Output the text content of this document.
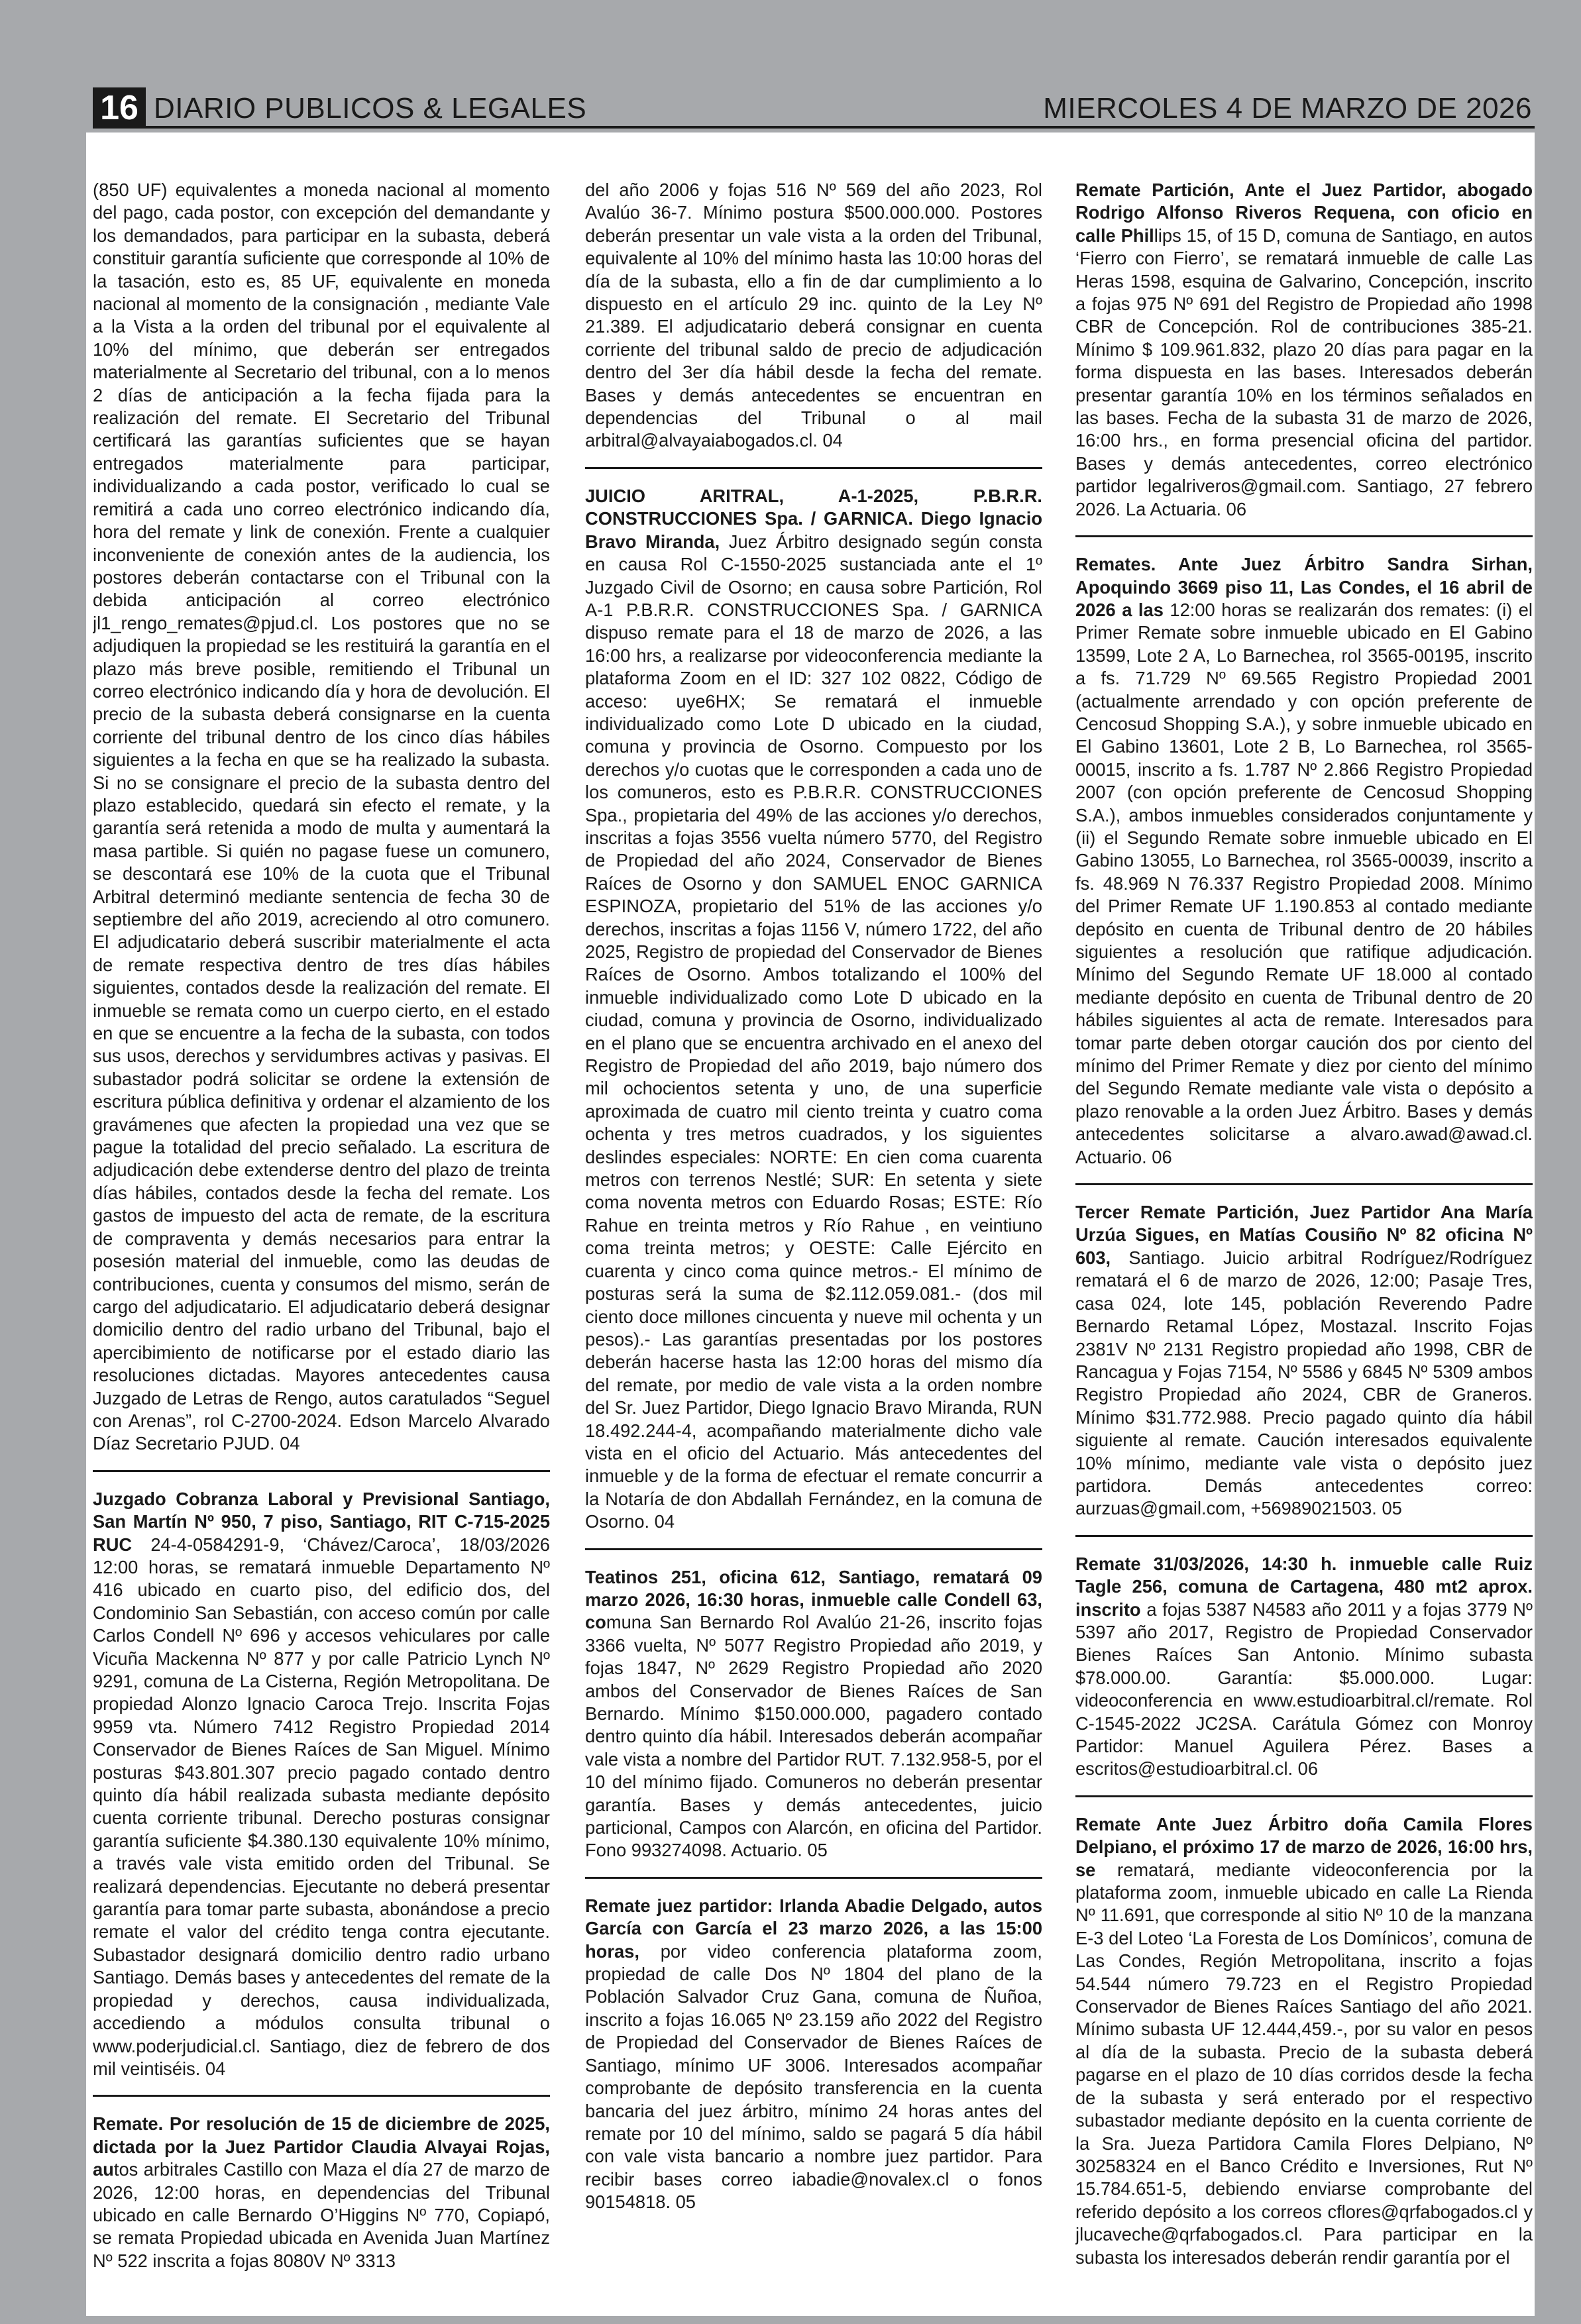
16 DIARIO PUBLICOS & LEGALES	MIERCOLES 4 DE MARZO DE 2026

(850 UF) equivalentes a moneda nacional al momento del pago, cada postor, con excepción del demandante y los demandados, para participar en la subasta, deberá constituir garantía suficiente que corresponde al 10% de la tasación, esto es, 85 UF, equivalente en moneda nacional al momento de la consignación , mediante Vale a la Vista a la orden del tribunal por el equivalente al 10% del mínimo, que deberán ser entregados materialmente al Secretario del tribunal, con a lo menos 2 días de anticipación a la fecha fijada para la realización del remate. El Secretario del Tribunal certificará las garantías suficientes que se hayan entregados materialmente para participar, individualizando a cada postor, verificado lo cual se remitirá a cada uno correo electrónico indicando día, hora del remate y link de conexión. Frente a cualquier inconveniente de conexión antes de la audiencia, los postores deberán contactarse con el Tribunal con la debida anticipación al correo electrónico jl1_rengo_remates@pjud.cl. Los postores que no se adjudiquen la propiedad se les restituirá la garantía en el plazo más breve posible, remitiendo el Tribunal un correo electrónico indicando día y hora de devolución. El precio de la subasta deberá consignarse en la cuenta corriente del tribunal dentro de los cinco días hábiles siguientes a la fecha en que se ha realizado la subasta. Si no se consignare el precio de la subasta dentro del plazo establecido, quedará sin efecto el remate, y la garantía será retenida a modo de multa y aumentará la masa partible. Si quién no pagase fuese un comunero, se descontará ese 10% de la cuota que el Tribunal Arbitral determinó mediante sentencia de fecha 30 de septiembre del año 2019, acreciendo al otro comunero. El adjudicatario deberá suscribir materialmente el acta de remate respectiva dentro de tres días hábiles siguientes, contados desde la realización del remate. El inmueble se remata como un cuerpo cierto, en el estado en que se encuentre a la fecha de la subasta, con todos sus usos, derechos y servidumbres activas y pasivas. El subastador podrá solicitar se ordene la extensión de escritura pública definitiva y ordenar el alzamiento de los gravámenes que afecten la propiedad una vez que se pague la totalidad del precio señalado. La escritura de adjudicación debe extenderse dentro del plazo de treinta días hábiles, contados desde la fecha del remate. Los gastos de impuesto del acta de remate, de la escritura de compraventa y demás necesarios para entrar la posesión material del inmueble, como las deudas de contribuciones, cuenta y consumos del mismo, serán de cargo del adjudicatario. El adjudicatario deberá designar domicilio dentro del radio urbano del Tribunal, bajo el apercibimiento de notificarse por el estado diario las resoluciones dictadas. Mayores antecedentes causa Juzgado de Letras de Rengo, autos caratulados “Seguel con Arenas”, rol C-2700-2024. Edson Marcelo Alvarado Díaz Secretario PJUD. 04

Juzgado Cobranza Laboral y Previsional Santiago, San Martín Nº 950, 7 piso, Santiago, RIT C-715-2025 RUC 24-4-0584291-9, ‘Chávez/Caroca’, 18/03/2026 12:00 horas, se rematará inmueble Departamento Nº 416 ubicado en cuarto piso, del edificio dos, del Condominio San Sebastián, con acceso común por calle Carlos Condell Nº 696 y accesos vehiculares por calle Vicuña Mackenna Nº 877 y por calle Patricio Lynch Nº 9291, comuna de La Cisterna, Región Metropolitana. De propiedad Alonzo Ignacio Caroca Trejo. Inscrita Fojas 9959 vta. Número 7412 Registro Propiedad 2014 Conservador de Bienes Raíces de San Miguel. Mínimo posturas $43.801.307 precio pagado contado dentro quinto día hábil realizada subasta mediante depósito cuenta corriente tribunal. Derecho posturas consignar garantía suficiente $4.380.130 equivalente 10% mínimo, a través vale vista emitido orden del Tribunal. Se realizará dependencias. Ejecutante no deberá presentar garantía para tomar parte subasta, abonándose a precio remate el valor del crédito tenga contra ejecutante. Subastador designará domicilio dentro radio urbano Santiago. Demás bases y antecedentes del remate de la propiedad y derechos, causa individualizada, accediendo a módulos consulta tribunal o www.poderjudicial.cl. Santiago, diez de febrero de dos mil veintiséis. 04

Remate. Por resolución de 15 de diciembre de 2025, dictada por la Juez Partidor Claudia Alvayai Rojas, autos arbitrales Castillo con Maza el día 27 de marzo de 2026, 12:00 horas, en dependencias del Tribunal ubicado en calle Bernardo O’Higgins Nº 770, Copiapó, se remata Propiedad ubicada en Avenida Juan Martínez Nº 522 inscrita a fojas 8080V Nº 3313

del año 2006 y fojas 516 Nº 569 del año 2023, Rol Avalúo 36-7. Mínimo postura $500.000.000. Postores deberán presentar un vale vista a la orden del Tribunal, equivalente al 10% del mínimo hasta las 10:00 horas del día de la subasta, ello a fin de dar cumplimiento a lo dispuesto en el artículo 29 inc. quinto de la Ley Nº 21.389. El adjudicatario deberá consignar en cuenta corriente del tribunal saldo de precio de adjudicación dentro del 3er día hábil desde la fecha del remate. Bases y demás antecedentes se encuentran en dependencias del Tribunal o al mail arbitral@alvayaiabogados.cl. 04

JUICIO ARITRAL, A-1-2025, P.B.R.R. CONSTRUCCIONES Spa. / GARNICA. Diego Ignacio Bravo Miranda, Juez Árbitro designado según consta en causa Rol C-1550-2025 sustanciada ante el 1º Juzgado Civil de Osorno; en causa sobre Partición, Rol A-1 P.B.R.R. CONSTRUCCIONES Spa. / GARNICA dispuso remate para el 18 de marzo de 2026, a las 16:00 hrs, a realizarse por videoconferencia mediante la plataforma Zoom en el ID: 327 102 0822, Código de acceso: uye6HX; Se rematará el inmueble individualizado como Lote D ubicado en la ciudad, comuna y provincia de Osorno. Compuesto por los derechos y/o cuotas que le corresponden a cada uno de los comuneros, esto es P.B.R.R. CONSTRUCCIONES Spa., propietaria del 49% de las acciones y/o derechos, inscritas a fojas 3556 vuelta número 5770, del Registro de Propiedad del año 2024, Conservador de Bienes Raíces de Osorno y don SAMUEL ENOC GARNICA ESPINOZA, propietario del 51% de las acciones y/o derechos, inscritas a fojas 1156 V, número 1722, del año 2025, Registro de propiedad del Conservador de Bienes Raíces de Osorno. Ambos totalizando el 100% del inmueble individualizado como Lote D ubicado en la ciudad, comuna y provincia de Osorno, individualizado en el plano que se encuentra archivado en el anexo del Registro de Propiedad del año 2019, bajo número dos mil ochocientos setenta y uno, de una superficie aproximada de cuatro mil ciento treinta y cuatro coma ochenta y tres metros cuadrados, y los siguientes deslindes especiales: NORTE: En cien coma cuarenta metros con terrenos Nestlé; SUR: En setenta y siete coma noventa metros con Eduardo Rosas; ESTE: Río Rahue en treinta metros y Río Rahue , en veintiuno coma treinta metros; y OESTE: Calle Ejército en cuarenta y cinco coma quince metros.- El mínimo de posturas será la suma de $2.112.059.081.- (dos mil ciento doce millones cincuenta y nueve mil ochenta y un pesos).- Las garantías presentadas por los postores deberán hacerse hasta las 12:00 horas del mismo día del remate, por medio de vale vista a la orden nombre del Sr. Juez Partidor, Diego Ignacio Bravo Miranda, RUN 18.492.244-4, acompañando materialmente dicho vale vista en el oficio del Actuario. Más antecedentes del inmueble y de la forma de efectuar el remate concurrir a la Notaría de don Abdallah Fernández, en la comuna de Osorno. 04

Teatinos 251, oficina 612, Santiago, rematará 09 marzo 2026, 16:30 horas, inmueble calle Condell 63, comuna San Bernardo Rol Avalúo 21-26, inscrito fojas 3366 vuelta, Nº 5077 Registro Propiedad año 2019, y fojas 1847, Nº 2629 Registro Propiedad año 2020 ambos del Conservador de Bienes Raíces de San Bernardo. Mínimo $150.000.000, pagadero contado dentro quinto día hábil. Interesados deberán acompañar vale vista a nombre del Partidor RUT. 7.132.958-5, por el 10 del mínimo fijado. Comuneros no deberán presentar garantía. Bases y demás antecedentes, juicio particional, Campos con Alarcón, en oficina del Partidor. Fono 993274098. Actuario. 05

Remate juez partidor: Irlanda Abadie Delgado, autos García con García el 23 marzo 2026, a las 15:00 horas, por video conferencia plataforma zoom, propiedad de calle Dos Nº 1804 del plano de la Población Salvador Cruz Gana, comuna de Ñuñoa, inscrito a fojas 16.065 Nº 23.159 año 2022 del Registro de Propiedad del Conservador de Bienes Raíces de Santiago, mínimo UF 3006. Interesados acompañar comprobante de depósito transferencia en la cuenta bancaria del juez árbitro, mínimo 24 horas antes del remate por 10 del mínimo, saldo se pagará 5 día hábil con vale vista bancario a nombre juez partidor. Para recibir bases correo iabadie@novalex.cl o fonos 90154818. 05

Remate Partición, Ante el Juez Partidor, abogado Rodrigo Alfonso Riveros Requena, con oficio en calle Phillips 15, of 15 D, comuna de Santiago, en autos ‘Fierro con Fierro’, se rematará inmueble de calle Las Heras 1598, esquina de Galvarino, Concepción, inscrito a fojas 975 Nº 691 del Registro de Propiedad año 1998 CBR de Concepción. Rol de contribuciones 385-21. Mínimo $ 109.961.832, plazo 20 días para pagar en la forma dispuesta en las bases. Interesados deberán presentar garantía 10% en los términos señalados en las bases. Fecha de la subasta 31 de marzo de 2026, 16:00 hrs., en forma presencial oficina del partidor. Bases y demás antecedentes, correo electrónico partidor legalriveros@gmail.com. Santiago, 27 febrero 2026. La Actuaria. 06

Remates. Ante Juez Árbitro Sandra Sirhan, Apoquindo 3669 piso 11, Las Condes, el 16 abril de 2026 a las 12:00 horas se realizarán dos remates: (i) el Primer Remate sobre inmueble ubicado en El Gabino 13599, Lote 2 A, Lo Barnechea, rol 3565-00195, inscrito a fs. 71.729 Nº 69.565 Registro Propiedad 2001 (actualmente arrendado y con opción preferente de Cencosud Shopping S.A.), y sobre inmueble ubicado en El Gabino 13601, Lote 2 B, Lo Barnechea, rol 3565-00015, inscrito a fs. 1.787 Nº 2.866 Registro Propiedad 2007 (con opción preferente de Cencosud Shopping S.A.), ambos inmuebles considerados conjuntamente y (ii) el Segundo Remate sobre inmueble ubicado en El Gabino 13055, Lo Barnechea, rol 3565-00039, inscrito a fs. 48.969 N 76.337 Registro Propiedad 2008. Mínimo del Primer Remate UF 1.190.853 al contado mediante depósito en cuenta de Tribunal dentro de 20 hábiles siguientes a resolución que ratifique adjudicación. Mínimo del Segundo Remate UF 18.000 al contado mediante depósito en cuenta de Tribunal dentro de 20 hábiles siguientes al acta de remate. Interesados para tomar parte deben otorgar caución dos por ciento del mínimo del Primer Remate y diez por ciento del mínimo del Segundo Remate mediante vale vista o depósito a plazo renovable a la orden Juez Árbitro. Bases y demás antecedentes solicitarse a alvaro.awad@awad.cl. Actuario. 06

Tercer Remate Partición, Juez Partidor Ana María Urzúa Sigues, en Matías Cousiño Nº 82 oficina Nº 603, Santiago. Juicio arbitral Rodríguez/Rodríguez rematará el 6 de marzo de 2026, 12:00; Pasaje Tres, casa 024, lote 145, población Reverendo Padre Bernardo Retamal López, Mostazal. Inscrito Fojas 2381V Nº 2131 Registro propiedad año 1998, CBR de Rancagua y Fojas 7154, Nº 5586 y 6845 Nº 5309 ambos Registro Propiedad año 2024, CBR de Graneros. Mínimo $31.772.988. Precio pagado quinto día hábil siguiente al remate. Caución interesados equivalente 10% mínimo, mediante vale vista o depósito juez partidora. Demás antecedentes correo: aurzuas@gmail.com, +56989021503. 05

Remate 31/03/2026, 14:30 h. inmueble calle Ruiz Tagle 256, comuna de Cartagena, 480 mt2 aprox. inscrito a fojas 5387 N4583 año 2011 y a fojas 3779 Nº 5397 año 2017, Registro de Propiedad Conservador Bienes Raíces San Antonio. Mínimo subasta $78.000.00. Garantía: $5.000.000. Lugar: videoconferencia en www.estudioarbitral.cl/remate. Rol C-1545-2022 JC2SA. Carátula Gómez con Monroy Partidor: Manuel Aguilera Pérez. Bases a escritos@estudioarbitral.cl. 06

Remate Ante Juez Árbitro doña Camila Flores Delpiano, el próximo 17 de marzo de 2026, 16:00 hrs, se rematará, mediante videoconferencia por la plataforma zoom, inmueble ubicado en calle La Rienda Nº 11.691, que corresponde al sitio Nº 10 de la manzana E-3 del Loteo ‘La Foresta de Los Domínicos’, comuna de Las Condes, Región Metropolitana, inscrito a fojas 54.544 número 79.723 en el Registro Propiedad Conservador de Bienes Raíces Santiago del año 2021. Mínimo subasta UF 12.444,459.-, por su valor en pesos al día de la subasta. Precio de la subasta deberá pagarse en el plazo de 10 días corridos desde la fecha de la subasta y será enterado por el respectivo subastador mediante depósito en la cuenta corriente de la Sra. Jueza Partidora Camila Flores Delpiano, Nº 30258324 en el Banco Crédito e Inversiones, Rut Nº 15.784.651-5, debiendo enviarse comprobante del referido depósito a los correos cflores@qrfabogados.cl y jlucaveche@qrfabogados.cl. Para participar en la subasta los interesados deberán rendir garantía por el
